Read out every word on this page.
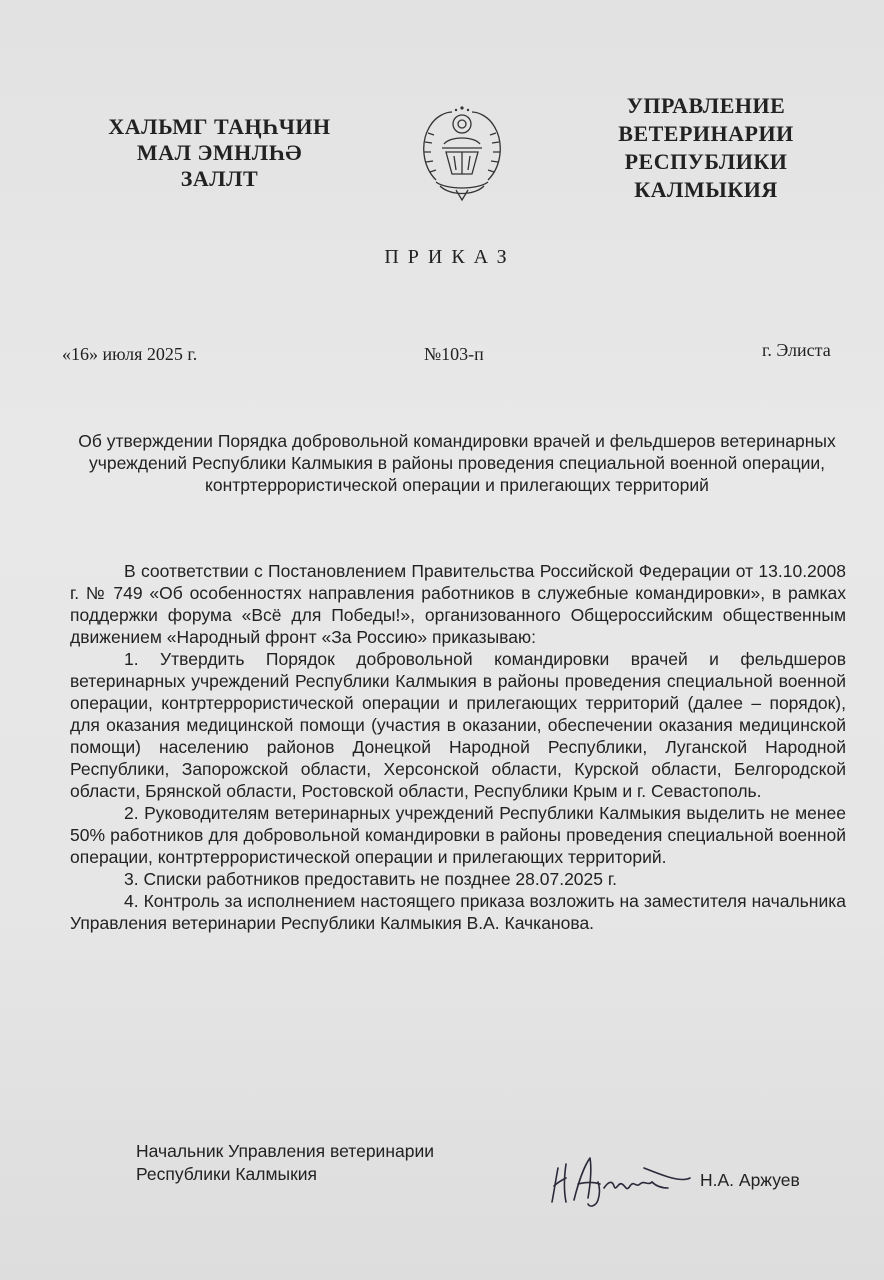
ХАЛЬМГ ТАҢҺЧИН
МАЛ ЭМНЛҺӘ
ЗАЛЛТ
УПРАВЛЕНИЕ
ВЕТЕРИНАРИИ
РЕСПУБЛИКИ
КАЛМЫКИЯ
ПРИКАЗ
«16» июля 2025 г.	№103-п	г. Элиста
Об утверждении Порядка добровольной командировки врачей и фельдшеров ветеринарных учреждений Республики Калмыкия в районы проведения специальной военной операции, контртеррористической операции и прилегающих территорий

В соответствии с Постановлением Правительства Российской Федерации от 13.10.2008 г. № 749 «Об особенностях направления работников в служебные командировки», в рамках поддержки форума «Всё для Победы!», организованного Общероссийским общественным движением «Народный фронт «За Россию» приказываю:

1. Утвердить Порядок добровольной командировки врачей и фельдшеров ветеринарных учреждений Республики Калмыкия в районы проведения специальной военной операции, контртеррористической операции и прилегающих территорий (далее – порядок), для оказания медицинской помощи (участия в оказании, обеспечении оказания медицинской помощи) населению районов Донецкой Народной Республики, Луганской Народной Республики, Запорожской области, Херсонской области, Курской области, Белгородской области, Брянской области, Ростовской области, Республики Крым и г. Севастополь.

2. Руководителям ветеринарных учреждений Республики Калмыкия выделить не менее 50% работников для добровольной командировки в районы проведения специальной военной операции, контртеррористической операции и прилегающих территорий.

3. Списки работников предоставить не позднее 28.07.2025 г.

4. Контроль за исполнением настоящего приказа возложить на заместителя начальника Управления ветеринарии Республики Калмыкия В.А. Качканова.

Начальник Управления ветеринарии
Республики Калмыкия	Н.А. Аржуев
